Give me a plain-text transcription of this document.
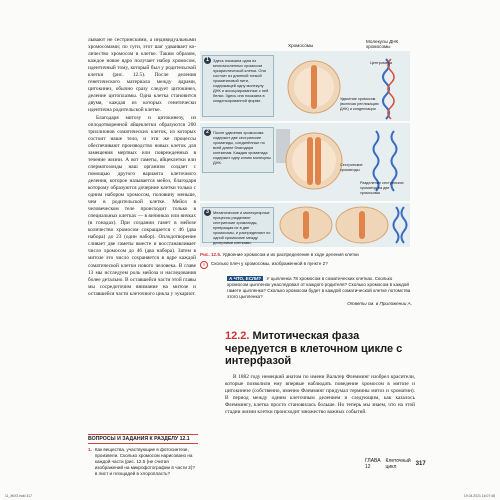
лывают не сестринскими, а индивидуальными хромосомами; по сути, этот шаг удваивает количество хромосом в клетке. Таким образом, каждое новое ядро получает набор хромосом, идентичный тому, который был у родительской клетки (рис. 12.5). После деления генетического материала между ядрами, цитокинез, обычно сразу следует цитокинез, деление цитоплазмы. Одна клетка становится двумя, каждая из которых генетически идентична родительской клетке.

Благодаря митозу и цитокинезу, из оплодотворенной яйцеклетки образуются 200 триллионов соматических клеток, из которых состоит наше тело, и эти же процессы обеспечивают производство новых клеток для замещения мертвых или поврежденных в течение жизни. А вот гаметы, яйцеклетки или сперматозоиды наш организм создает с помощью другого варианта клеточного деления, которое называется мейоз, благодаря которому образуются дочерние клетки только с одним набором хромосом, половину меньше, чем в родительской клетке. Мейоз в человеческом теле происходит только в специальных клетках — в яичниках или яичках (в гонадах). При создании гамет в мейозе количество хромосом сокращается с 46 (два набора) до 23 (один набор). Оплодотворение сливает две гаметы вместе и восстанавливает число хромосом до 46 (два набора). Затем в митозе это число сохраняется в ядре каждой соматической клетки нового человека. В главе 13 мы исследуем роль мейоза и наследования более детально. В оставшейся части этой главы мы сосредоточим внимание на митозе и оставшейся части клеточного цикла у эукариот.

ВОПРОСЫ И ЗАДАНИЯ К РАЗДЕЛУ 12.1
1. Как вещества, участвующие в фотосинтезе, произвели. Сколько хромосом нарисовано на каждой части (рис. 12.5 (не считая изображений на микрофотографии в части 2)? в лист и площадей в хлоропласть?
Хромосомы
Молекулы ДНК хромосомы
1	Здесь показана одна из многочисленных хромосом эукариотической клетки. Она состоит из длинной тонкой хроматиновой нити, содержащей одну молекулу ДНК и ассоциированные с ней белки. Здесь она показана в конденсированной форме.
Центромера
Удвоение хромосом (включая репликацию ДНК) и конденсация
2	После удвоения хромосома содержит две сестринские хроматиды, соединённые по всей длине благодаря когезинам. Каждая хроматида содержит одну копию молекулы ДНК.	Сестринские хроматиды
Разделение сестринских хроматид на две хромосомы
3	Механические и молекулярные процессы разделяют сестринские хроматиды, превращая их в две хромосомы, и распределяют по одной хромосоме между дочерними клетками.
Рис. 12.5. Удвоение хромосом и их распределение в ходе деления клетки
?	Сколько плеч у хромосомы, изображенной в пункте 2?
А ЧТО, ЕСЛИ? У цыпленка 78 хромосом в соматических клетках. Сколько хромосом цыпленок унаследовал от каждого родителя? Сколько хромосом в каждой гамете цыпленка? Сколько хромосом будет в каждой соматической клетке потомства этого цыпленка?
Ответы см. в Приложении А.
12.2. Митотическая фаза чередуется в клеточном цикле с интерфазой
В 1882 году немецкий анатом по имени Вальтер Флемминг изобрел красители, которые позволили ему впервые наблюдать поведение хромосом в митозе и цитокинезе (собственно, именно Флемминг придумал термины митоз и хроматин). В период между одним клеточным делением и следующим, как казалось Флеммингу, клетка просто становилась больше. Но теперь мы знаем, что на этой стадии жизни клетки происходит множество важных событий.
ГЛАВА 12
Клеточный цикл	317
11_ЖИЗ.indd 317	19.04.2021 16:07:48
